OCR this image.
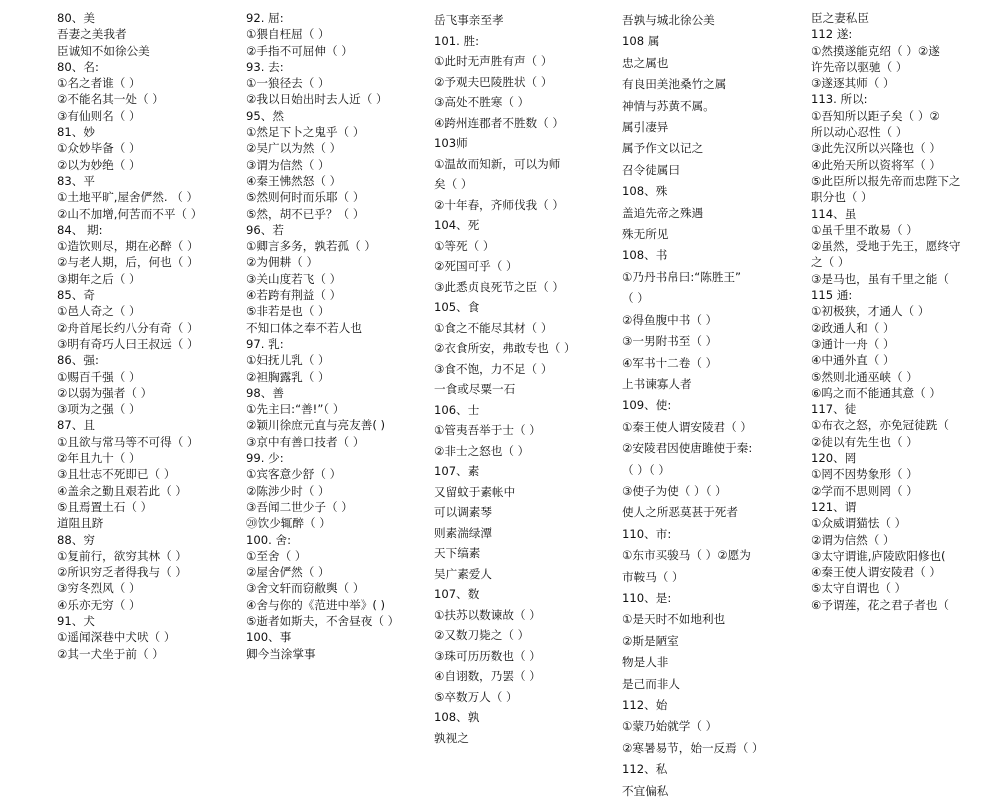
80、美
吾妻之美我者
臣诚知不如徐公美
80、名:
①名之者谁（ ）
②不能名其一处（ ）
③有仙则名（ ）
81、妙
①众妙毕备（ ）
②以为妙绝（ ）
83、平
①土地平旷,屋舍俨然. （ ）
②山不加增,何苦而不平（ ）
84、 期:
①造饮则尽，期在必醉（ ）
②与老人期，后，何也（ ）
③期年之后（ ）
85、奇
①邑人奇之（ ）
②舟首尾长约八分有奇（ ）
③明有奇巧人曰王叔远（ ）
86、强:
①赐百千强（ ）
②以弱为强者（ ）
③项为之强（ ）
87、且
①且欲与常马等不可得（ ）
②年且九十（ ）
③且壮志不死即已（ ）
④盖余之勤且艰若此（ ）
⑤且焉置土石（ ）
道阻且跻
88、穷
①复前行，欲穷其林（ ）
②所识穷乏者得我与（ ）
③穷冬烈风（ ）
④乐亦无穷（ ）
91、犬
①遥闻深巷中犬吠（ ）
②其一犬坐于前（ ）
92. 屈:
①猥自枉屈（ ）
②手指不可屈伸（ ）
93. 去:
①一狼径去（ ）
②我以日始出时去人近（ ）
95、然
①然足下卜之鬼乎（ ）
②吴广以为然（ ）
③谓为信然（ ）
④秦王怫然怒（ ）
⑤然则何时而乐耶（ ）
⑤然，胡不已乎？（ ）
96、若
①卿言多务，孰若孤（ ）
②为佣耕（ ）
③关山度若飞（ ）
④若跨有荆益（ ）
⑤非若是也（ ）
不知口体之奉不若人也
97. 乳:
①妇抚儿乳（ ）
②袒胸露乳（ ）
98、善
①先主曰:“善!”（ ）
②颖川徐庶元直与亮友善( )
③京中有善口技者（ ）
99. 少:
①宾客意少舒（ ）
②陈涉少时（ ）
③吾闻二世少子（ ）
⑳饮少辄醉（ ）
100. 舍:
①至舍（ ）
②屋舍俨然（ ）
③舍文轩而窃敝舆（ ）
④舍与你的《范进中举》( )
⑤逝者如斯夫，不舍昼夜（ ）
100、事
卿今当涂掌事
岳飞事亲至孝
101. 胜:
①此时无声胜有声（ ）
②予观夫巴陵胜状（ ）
③高处不胜寒（ ）
④跨州连郡者不胜数（ ）
103师
①温故而知新，可以为师
矣（ ）
②十年春，齐师伐我（ ）
104、死
①等死（ ）
②死国可乎（ ）
③此悉贞良死节之臣（ ）
105、食
①食之不能尽其材（ ）
②衣食所安，弗敢专也（ ）
③食不饱，力不足（ ）
一食或尽粟一石
106、士
①管夷吾举于士（ ）
②非士之怒也（ ）
107、素
又留蚊于素帐中
可以调素琴
则素湍绿潭
天下缟素
吴广素爱人
107、数
①扶苏以数谏故（ ）
②又数刀毙之（ ）
③珠可历历数也（ ）
④自诩数，乃罢（ ）
⑤卒数万人（ ）
108、孰
孰视之
吾孰与城北徐公美
108 属
忠之属也
有良田美池桑竹之属
神情与苏黄不属。
属引凄异
属予作文以记之
召令徒属曰
108、殊
盖追先帝之殊遇
殊无所见
108、书
①乃丹书帛曰:“陈胜王”
（ ）
②得鱼腹中书（ ）
③一男附书至（ ）
④军书十二卷（ ）
上书谏寡人者
109、使:
①秦王使人谓安陵君（ ）
②安陵君因使唐雎使于秦:
（ ）（ ）
③使子为使（ ）（ ）
使人之所恶莫甚于死者
110、市:
①东市买骏马（ ）②愿为
市鞍马（ ）
110、是:
①是天时不如地利也
②斯是陋室
物是人非
是己而非人
112、始
①蒙乃始就学（ ）
②寒暑易节，始一反焉（ ）
112、私
不宜偏私
臣之妻私臣
112 遂:
①然摸遂能克绍（ ）②遂
许先帝以驱驰（ ）
③遂逐其师（ ）
113. 所以:
①吾知所以距子矣（ ）②
所以动心忍性（ ）
③此先汉所以兴隆也（ ）
④此殆天所以资将军（ ）
⑤此臣所以报先帝而忠陛下之
职分也（ ）
114、虽
①虽千里不敢易（ ）
②虽然，受地于先王，愿终守
之（ ）
③是马也，虽有千里之能（
115 通:
①初极狭，才通人（ ）
②政通人和（ ）
③通计一舟（ ）
④中通外直（ ）
⑤然则北通巫峡（ ）
⑥呜之而不能通其意（ ）
117、徒
①布衣之怒，亦免冠徒跣（
②徒以有先生也（ ）
120、罔
①罔不因势象形（ ）
②学而不思则罔（ ）
121、谓
①众威谓猫怯（ ）
②谓为信然（ ）
③太守谓谁,庐陵欧阳修也(
④秦王使人谓安陵君（ ）
⑤太守自谓也（ ）
⑥予谓莲，花之君子者也（
